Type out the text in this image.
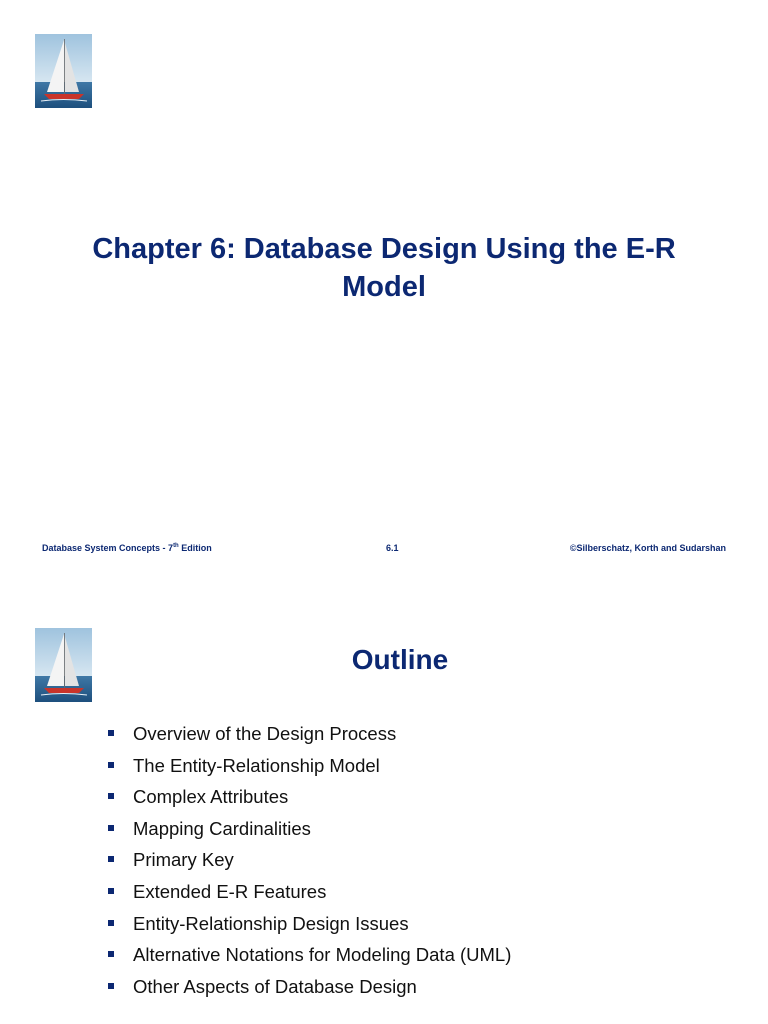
Chapter 6: Database Design Using the E-R
Model
Database System Concepts - 7th Edition	6.1	©Silberschatz, Korth and Sudarshan
Outline
Overview of the Design Process
The Entity-Relationship Model
Complex Attributes
Mapping Cardinalities
Primary Key
Extended E-R Features
Entity-Relationship Design Issues
Alternative Notations for Modeling Data (UML)
Other Aspects of Database Design
